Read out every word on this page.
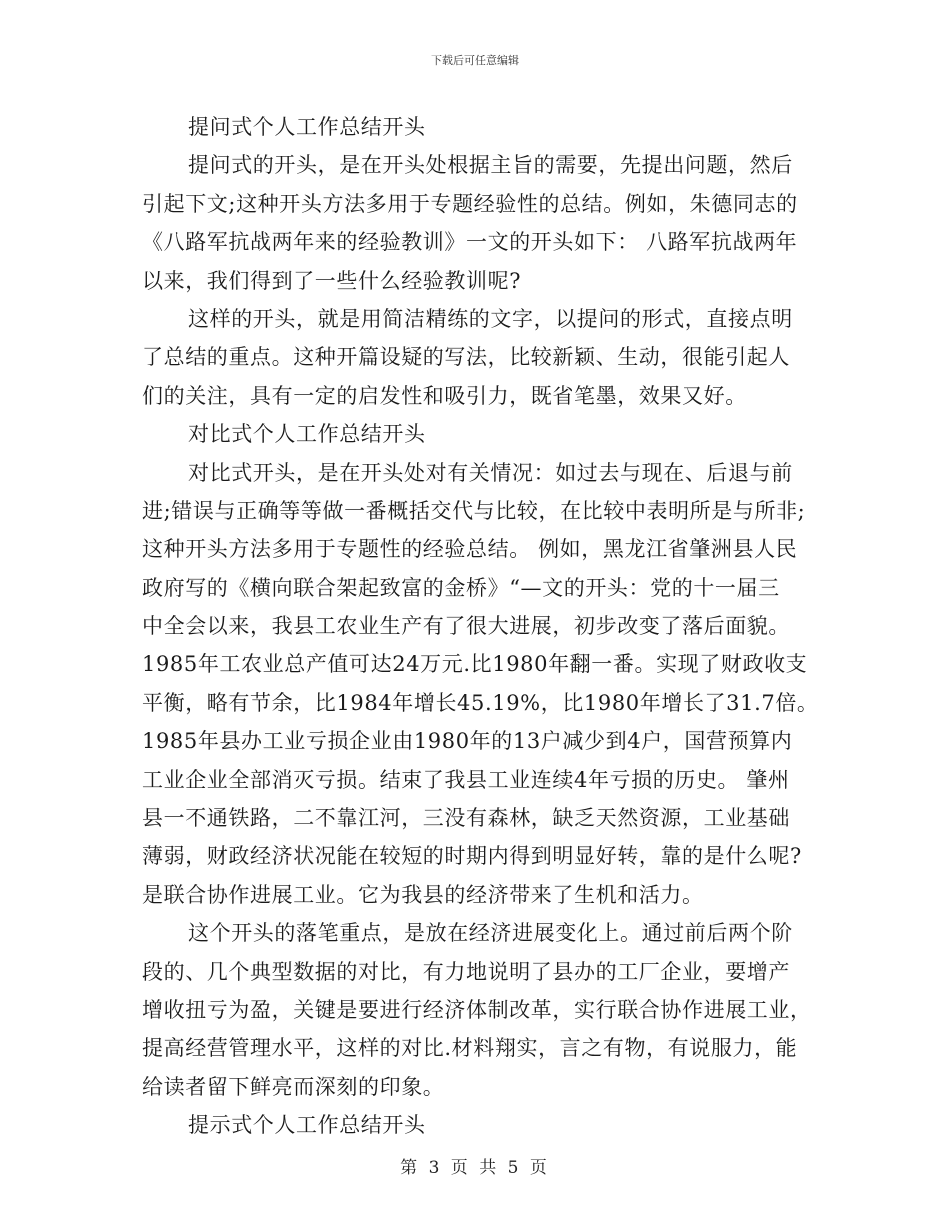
下载后可任意编辑
提问式个人工作总结开头
提问式的开头，是在开头处根据主旨的需要，先提出问题，然后
引起下文;这种开头方法多用于专题经验性的总结。例如，朱德同志的
《八路军抗战两年来的经验教训》一文的开头如下： 八路军抗战两年
以来，我们得到了一些什么经验教训呢?
这样的开头，就是用简洁精练的文字，以提问的形式，直接点明
了总结的重点。这种开篇设疑的写法，比较新颖、生动，很能引起人
们的关注，具有一定的启发性和吸引力，既省笔墨，效果又好。
对比式个人工作总结开头
对比式开头，是在开头处对有关情况：如过去与现在、后退与前
进;错误与正确等等做一番概括交代与比较，在比较中表明所是与所非;
这种开头方法多用于专题性的经验总结。 例如，黑龙江省肇洲县人民
政府写的《横向联合架起致富的金桥》“—文的开头：党的十一届三
中全会以来，我县工农业生产有了很大进展，初步改变了落后面貌。
1985年工农业总产值可达24万元.比1980年翻一番。实现了财政收支
平衡，略有节余，比1984年增长45.19%，比1980年增长了31.7倍。
1985年县办工业亏损企业由1980年的13户减少到4户，国营预算内
工业企业全部消灭亏损。结束了我县工业连续4年亏损的历史。 肇州
县一不通铁路，二不靠江河，三没有森林，缺乏天然资源，工业基础
薄弱，财政经济状况能在较短的时期内得到明显好转，靠的是什么呢?
是联合协作进展工业。它为我县的经济带来了生机和活力。
这个开头的落笔重点，是放在经济进展变化上。通过前后两个阶
段的、几个典型数据的对比，有力地说明了县办的工厂企业，要增产
增收扭亏为盈，关键是要进行经济体制改革，实行联合协作进展工业，
提高经营管理水平，这样的对比.材料翔实，言之有物，有说服力，能
给读者留下鲜亮而深刻的印象。
提示式个人工作总结开头
第 3 页 共 5 页
